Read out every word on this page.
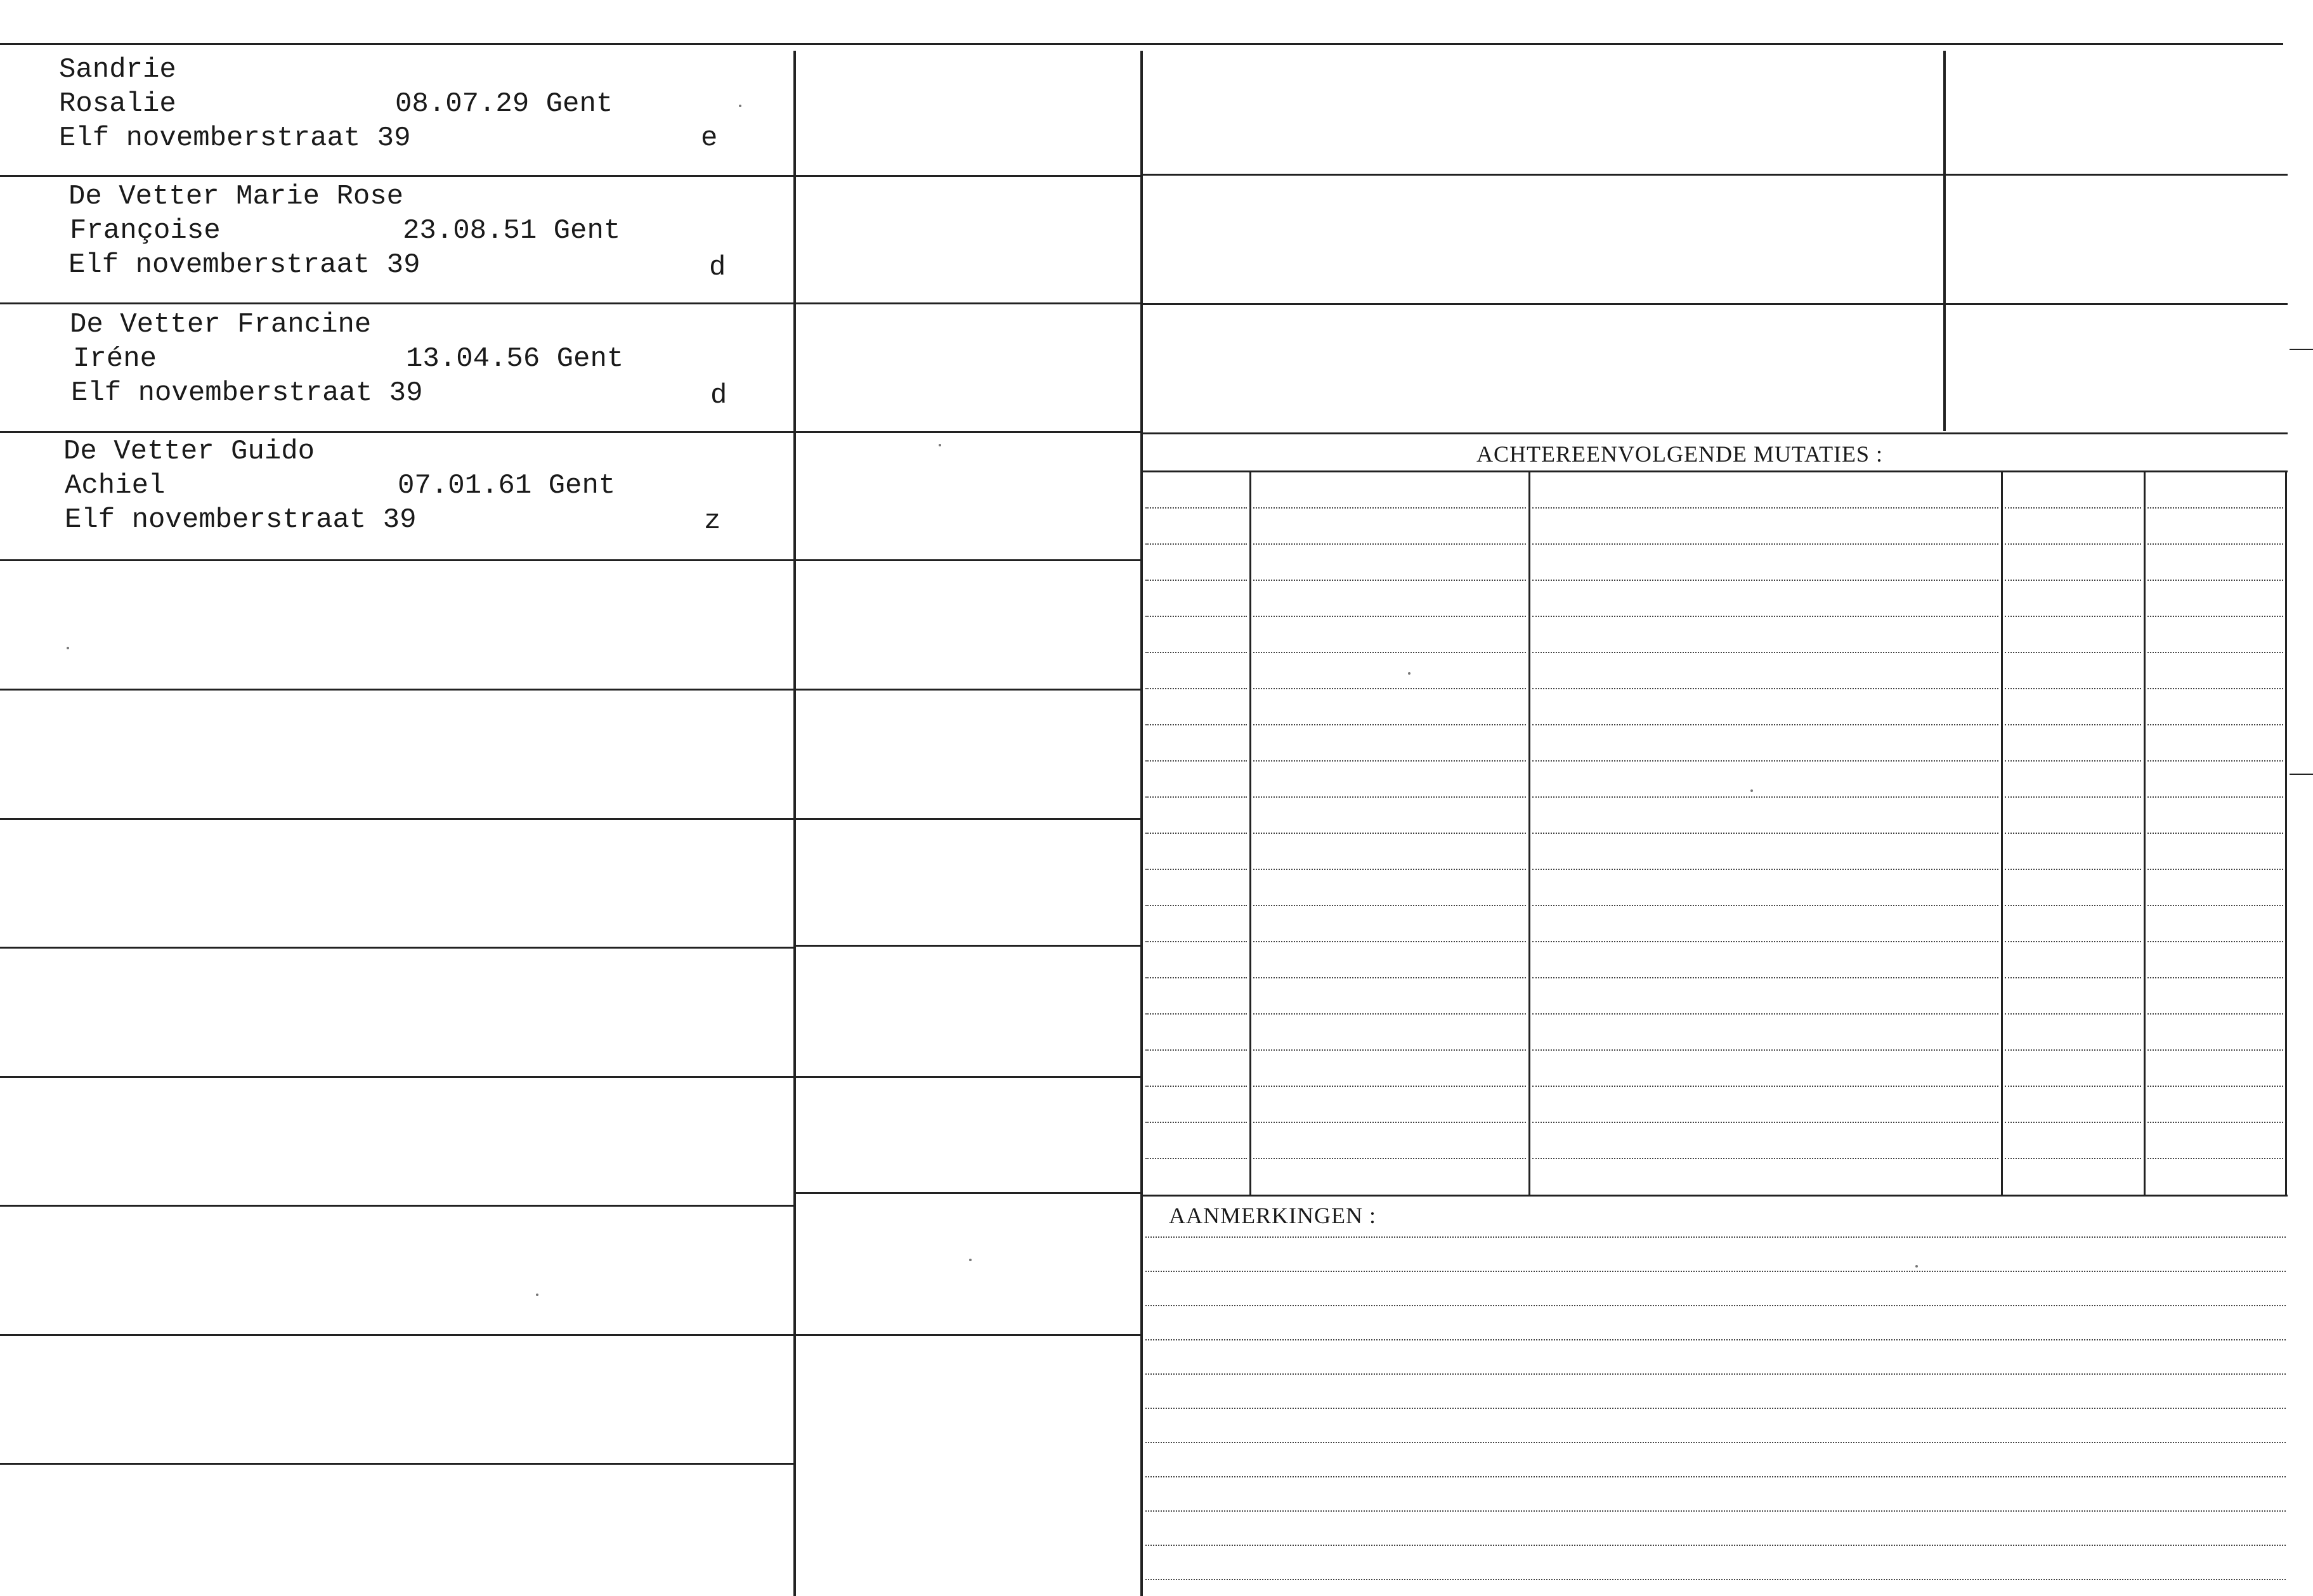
ACHTEREENVOLGENDE MUTATIES :
AANMERKINGEN :
Sandrie
Rosalie	08.07.29 Gent
Elf novemberstraat 39	e
De Vetter Marie Rose
Françoise	23.08.51 Gent
Elf novemberstraat 39	d
De Vetter Francine
Iréne	13.04.56 Gent
Elf novemberstraat 39	d
De Vetter Guido
Achiel	07.01.61 Gent
Elf novemberstraat 39	z
